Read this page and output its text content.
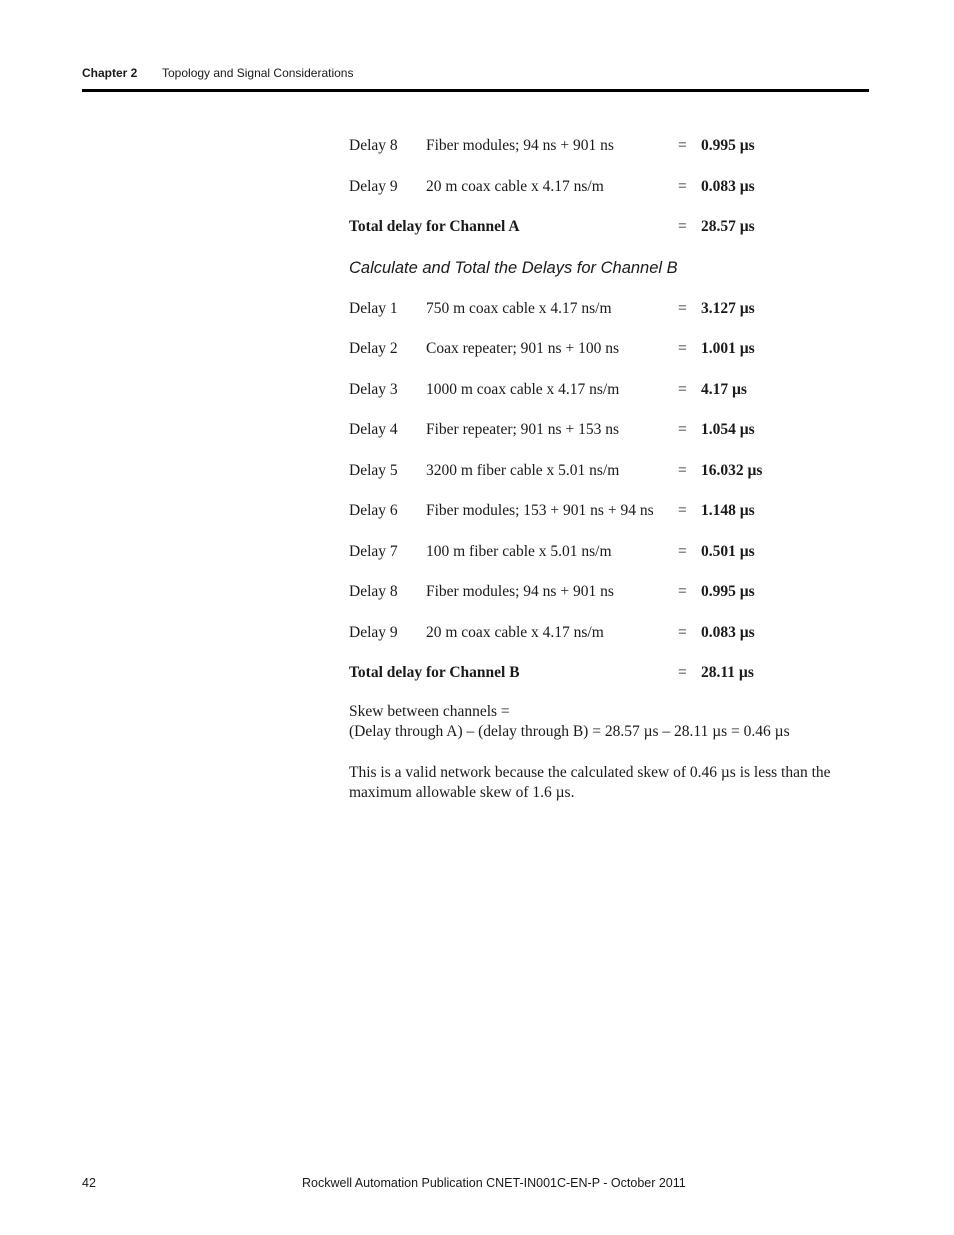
Chapter 2 Topology and Signal Considerations
Delay 8 Fiber modules; 94 ns + 901 ns	= 0.995 µs
Delay 9 20 m coax cable x 4.17 ns/m	= 0.083 µs
Total delay for Channel A	= 28.57 µs
Calculate and Total the Delays for Channel B
Delay 1 750 m coax cable x 4.17 ns/m	= 3.127 µs
Delay 2 Coax repeater; 901 ns + 100 ns	= 1.001 µs
Delay 3 1000 m coax cable x 4.17 ns/m	= 4.17 µs
Delay 4 Fiber repeater; 901 ns + 153 ns	= 1.054 µs
Delay 5 3200 m fiber cable x 5.01 ns/m	= 16.032 µs
Delay 6 Fiber modules; 153 + 901 ns + 94 ns = 1.148 µs
Delay 7 100 m fiber cable x 5.01 ns/m	= 0.501 µs
Delay 8 Fiber modules; 94 ns + 901 ns	= 0.995 µs
Delay 9 20 m coax cable x 4.17 ns/m	= 0.083 µs
Total delay for Channel B	= 28.11 µs

Skew between channels =
(Delay through A) – (delay through B) = 28.57 µs – 28.11 µs = 0.46 µs

This is a valid network because the calculated skew of 0.46 µs is less than the maximum allowable skew of 1.6 µs.

42	Rockwell Automation Publication CNET-IN001C-EN-P - October 2011
